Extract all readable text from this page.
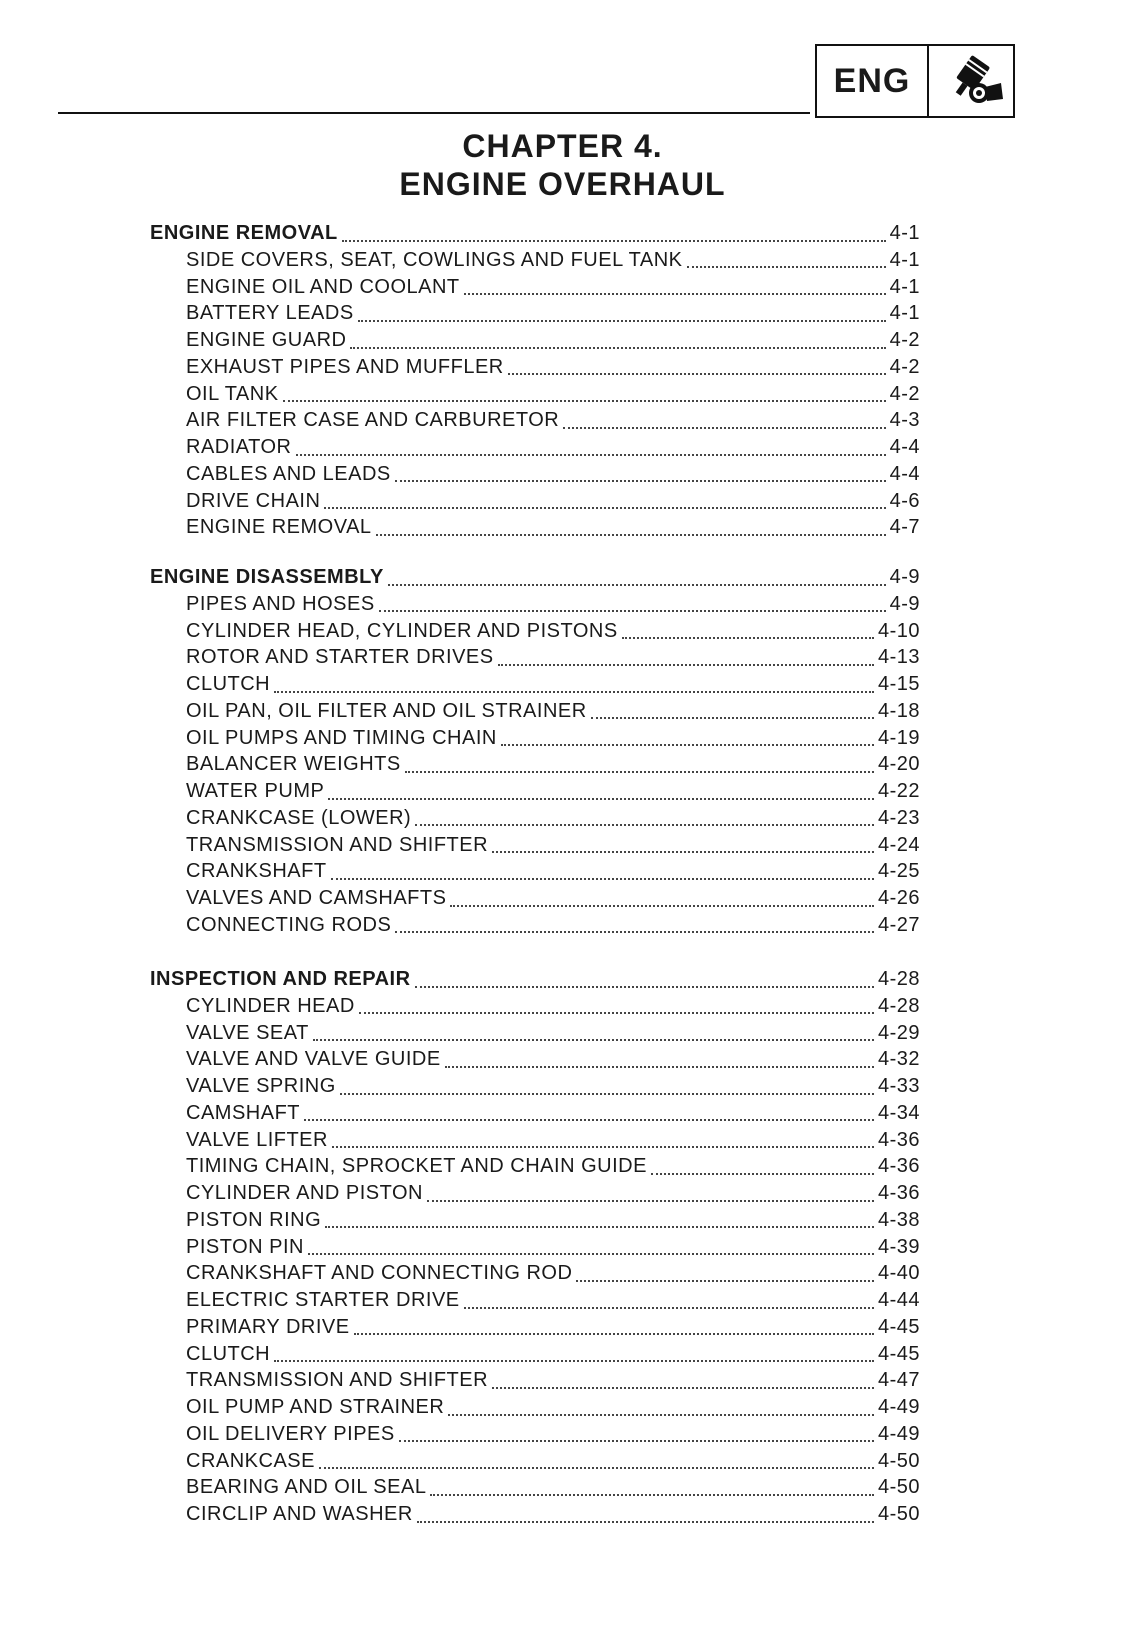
ENG
CHAPTER 4.
ENGINE OVERHAUL
ENGINE REMOVAL	4-1
SIDE COVERS, SEAT, COWLINGS AND FUEL TANK	4-1
ENGINE OIL AND COOLANT	4-1
BATTERY LEADS	4-1
ENGINE GUARD	4-2
EXHAUST PIPES AND MUFFLER	4-2
OIL TANK	4-2
AIR FILTER CASE AND CARBURETOR	4-3
RADIATOR	4-4
CABLES AND LEADS	4-4
DRIVE CHAIN	4-6
ENGINE REMOVAL	4-7
ENGINE DISASSEMBLY	4-9
PIPES AND HOSES	4-9
CYLINDER HEAD, CYLINDER AND PISTONS	4-10
ROTOR AND STARTER DRIVES	4-13
CLUTCH	4-15
OIL PAN, OIL FILTER AND OIL STRAINER	4-18
OIL PUMPS AND TIMING CHAIN	4-19
BALANCER WEIGHTS	4-20
WATER PUMP	4-22
CRANKCASE (LOWER)	4-23
TRANSMISSION AND SHIFTER	4-24
CRANKSHAFT	4-25
VALVES AND CAMSHAFTS	4-26
CONNECTING RODS	4-27
INSPECTION AND REPAIR	4-28
CYLINDER HEAD	4-28
VALVE SEAT	4-29
VALVE AND VALVE GUIDE	4-32
VALVE SPRING	4-33
CAMSHAFT	4-34
VALVE LIFTER	4-36
TIMING CHAIN, SPROCKET AND CHAIN GUIDE	4-36
CYLINDER AND PISTON	4-36
PISTON RING	4-38
PISTON PIN	4-39
CRANKSHAFT AND CONNECTING ROD	4-40
ELECTRIC STARTER DRIVE	4-44
PRIMARY DRIVE	4-45
CLUTCH	4-45
TRANSMISSION AND SHIFTER	4-47
OIL PUMP AND STRAINER	4-49
OIL DELIVERY PIPES	4-49
CRANKCASE	4-50
BEARING AND OIL SEAL	4-50
CIRCLIP AND WASHER	4-50
